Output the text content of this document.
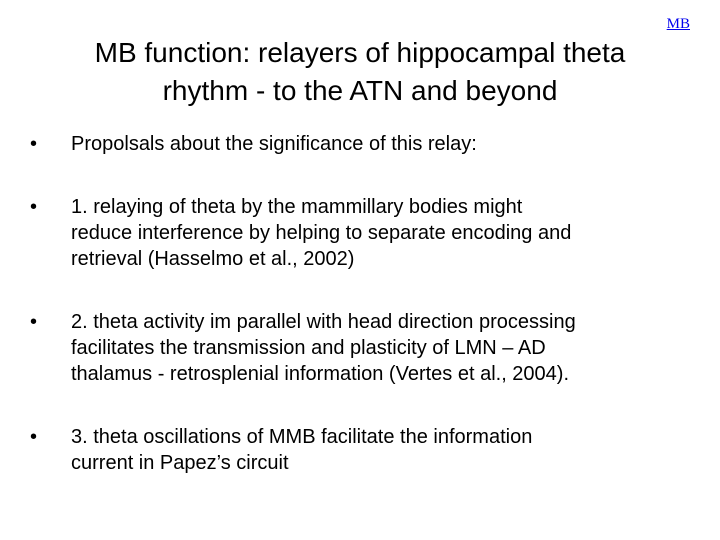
MB
MB function: relayers of hippocampal theta
rhythm - to the ATN and beyond
•	Propolsals about the significance of this relay:
•	1. relaying of theta by the mammillary bodies might
reduce interference by helping to separate encoding and
retrieval (Hasselmo et al., 2002)
•	2. theta activity im parallel with head direction processing
facilitates the transmission and plasticity of LMN – AD
thalamus - retrosplenial information (Vertes et al., 2004).
•	3. theta oscillations of MMB facilitate the information
current in Papez’s circuit
